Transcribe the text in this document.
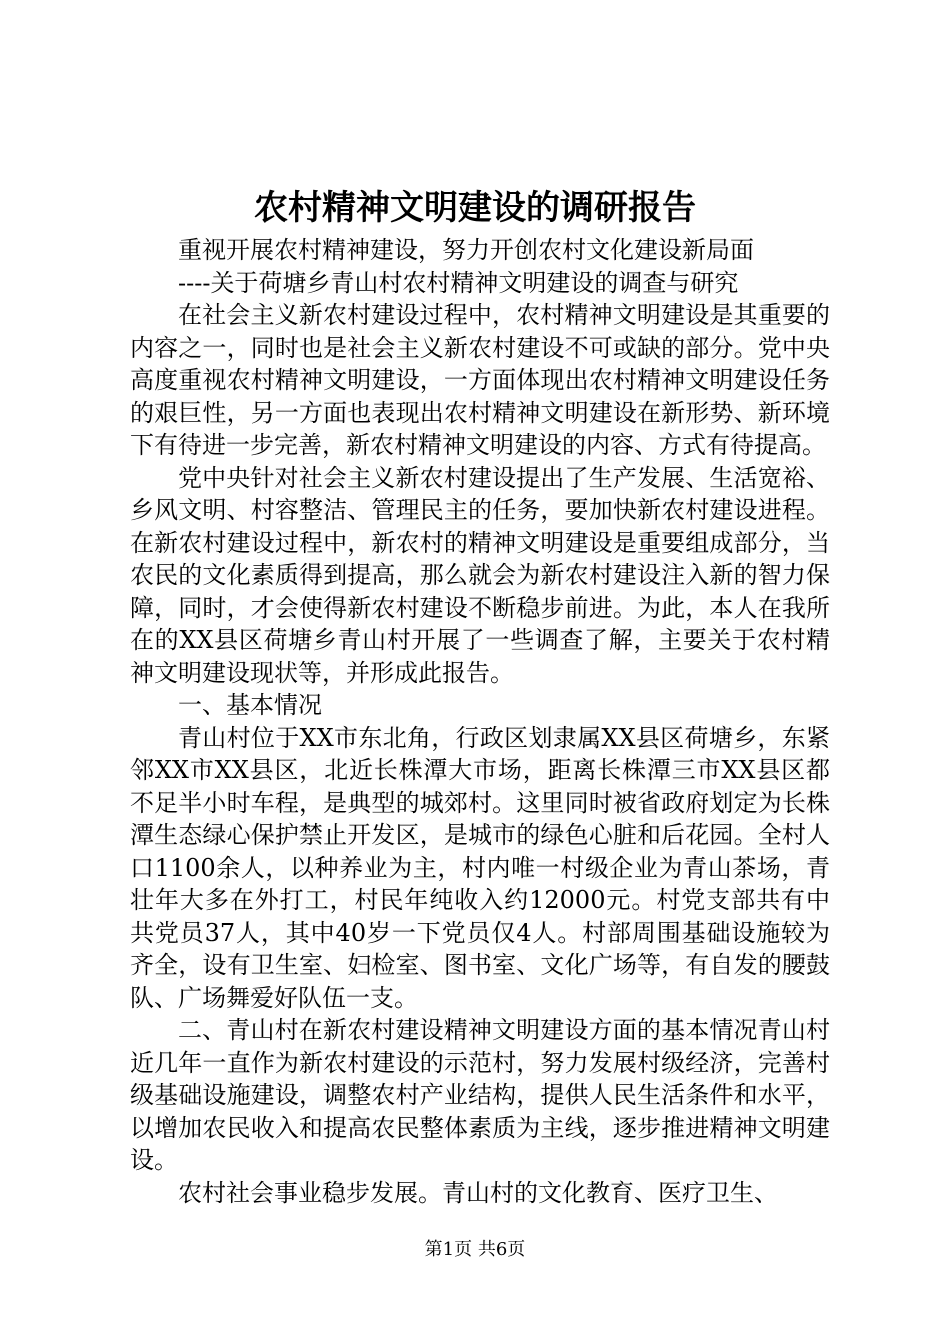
农村精神文明建设的调研报告

重视开展农村精神建设，努力开创农村文化建设新局面

----关于荷塘乡青山村农村精神文明建设的调查与研究

在社会主义新农村建设过程中，农村精神文明建设是其重要的内容之一，同时也是社会主义新农村建设不可或缺的部分。党中央高度重视农村精神文明建设，一方面体现出农村精神文明建设任务的艰巨性，另一方面也表现出农村精神文明建设在新形势、新环境下有待进一步完善，新农村精神文明建设的内容、方式有待提高。

党中央针对社会主义新农村建设提出了生产发展、生活宽裕、乡风文明、村容整洁、管理民主的任务，要加快新农村建设进程。在新农村建设过程中，新农村的精神文明建设是重要组成部分，当农民的文化素质得到提高，那么就会为新农村建设注入新的智力保障，同时，才会使得新农村建设不断稳步前进。为此，本人在我所在的XX县区荷塘乡青山村开展了一些调查了解，主要关于农村精神文明建设现状等，并形成此报告。

一、基本情况

青山村位于XX市东北角，行政区划隶属XX县区荷塘乡，东紧邻XX市XX县区，北近长株潭大市场，距离长株潭三市XX县区都不足半小时车程，是典型的城郊村。这里同时被省政府划定为长株潭生态绿心保护禁止开发区，是城市的绿色心脏和后花园。全村人口1100余人，以种养业为主，村内唯一村级企业为青山茶场，青壮年大多在外打工，村民年纯收入约12000元。村党支部共有中共党员37人，其中40岁一下党员仅4人。村部周围基础设施较为齐全，设有卫生室、妇检室、图书室、文化广场等，有自发的腰鼓队、广场舞爱好队伍一支。

二、青山村在新农村建设精神文明建设方面的基本情况青山村近几年一直作为新农村建设的示范村，努力发展村级经济，完善村级基础设施建设，调整农村产业结构，提供人民生活条件和水平，以增加农民收入和提高农民整体素质为主线，逐步推进精神文明建设。

农村社会事业稳步发展。青山村的文化教育、医疗卫生、

第1页 共6页
